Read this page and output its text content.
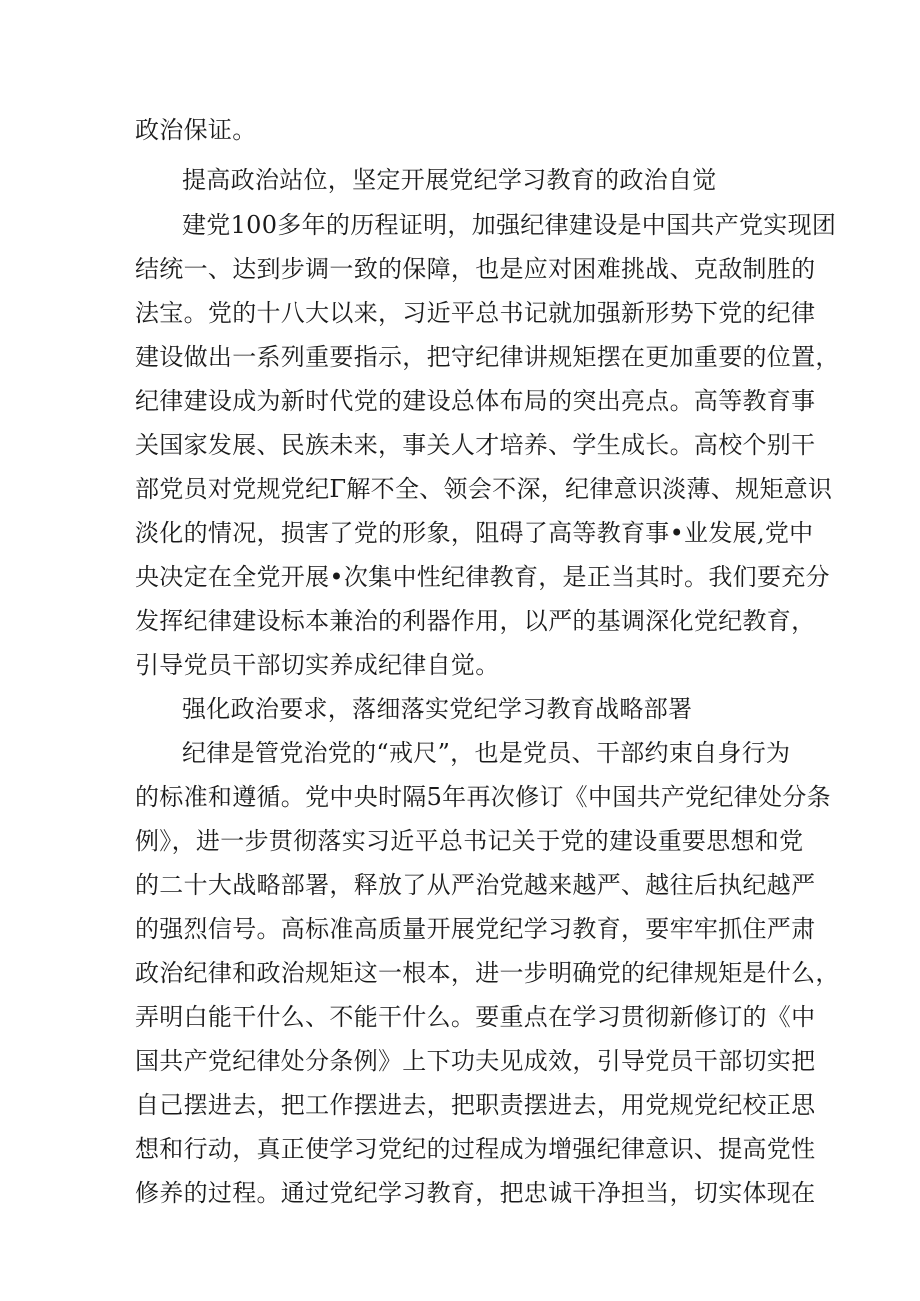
政治保证。
提高政治站位，坚定开展党纪学习教育的政治自觉
建党100多年的历程证明，加强纪律建设是中国共产党实现团
结统一、达到步调一致的保障，也是应对困难挑战、克敌制胜的
法宝。党的十八大以来，习近平总书记就加强新形势下党的纪律
建设做出一系列重要指示，把守纪律讲规矩摆在更加重要的位置，
纪律建设成为新时代党的建设总体布局的突出亮点。高等教育事
关国家发展、民族未来，事关人才培养、学生成长。高校个别干
部党员对党规党纪Γ解不全、领会不深，纪律意识淡薄、规矩意识
淡化的情况，损害了党的形象，阻碍了高等教育事•业发展,党中
央决定在全党开展•次集中性纪律教育，是正当其时。我们要充分
发挥纪律建设标本兼治的利器作用，以严的基调深化党纪教育，
引导党员干部切实养成纪律自觉。
强化政治要求，落细落实党纪学习教育战略部署
纪律是管党治党的“戒尺”，也是党员、干部约束自身行为
的标准和遵循。党中央时隔5年再次修订《中国共产党纪律处分条
例》，进一步贯彻落实习近平总书记关于党的建设重要思想和党
的二十大战略部署，释放了从严治党越来越严、越往后执纪越严
的强烈信号。高标准高质量开展党纪学习教育，要牢牢抓住严肃
政治纪律和政治规矩这一根本，进一步明确党的纪律规矩是什么，
弄明白能干什么、不能干什么。要重点在学习贯彻新修订的《中
国共产党纪律处分条例》上下功夫见成效，引导党员干部切实把
自己摆进去，把工作摆进去，把职责摆进去，用党规党纪校正思
想和行动，真正使学习党纪的过程成为增强纪律意识、提高党性
修养的过程。通过党纪学习教育，把忠诚干净担当，切实体现在
